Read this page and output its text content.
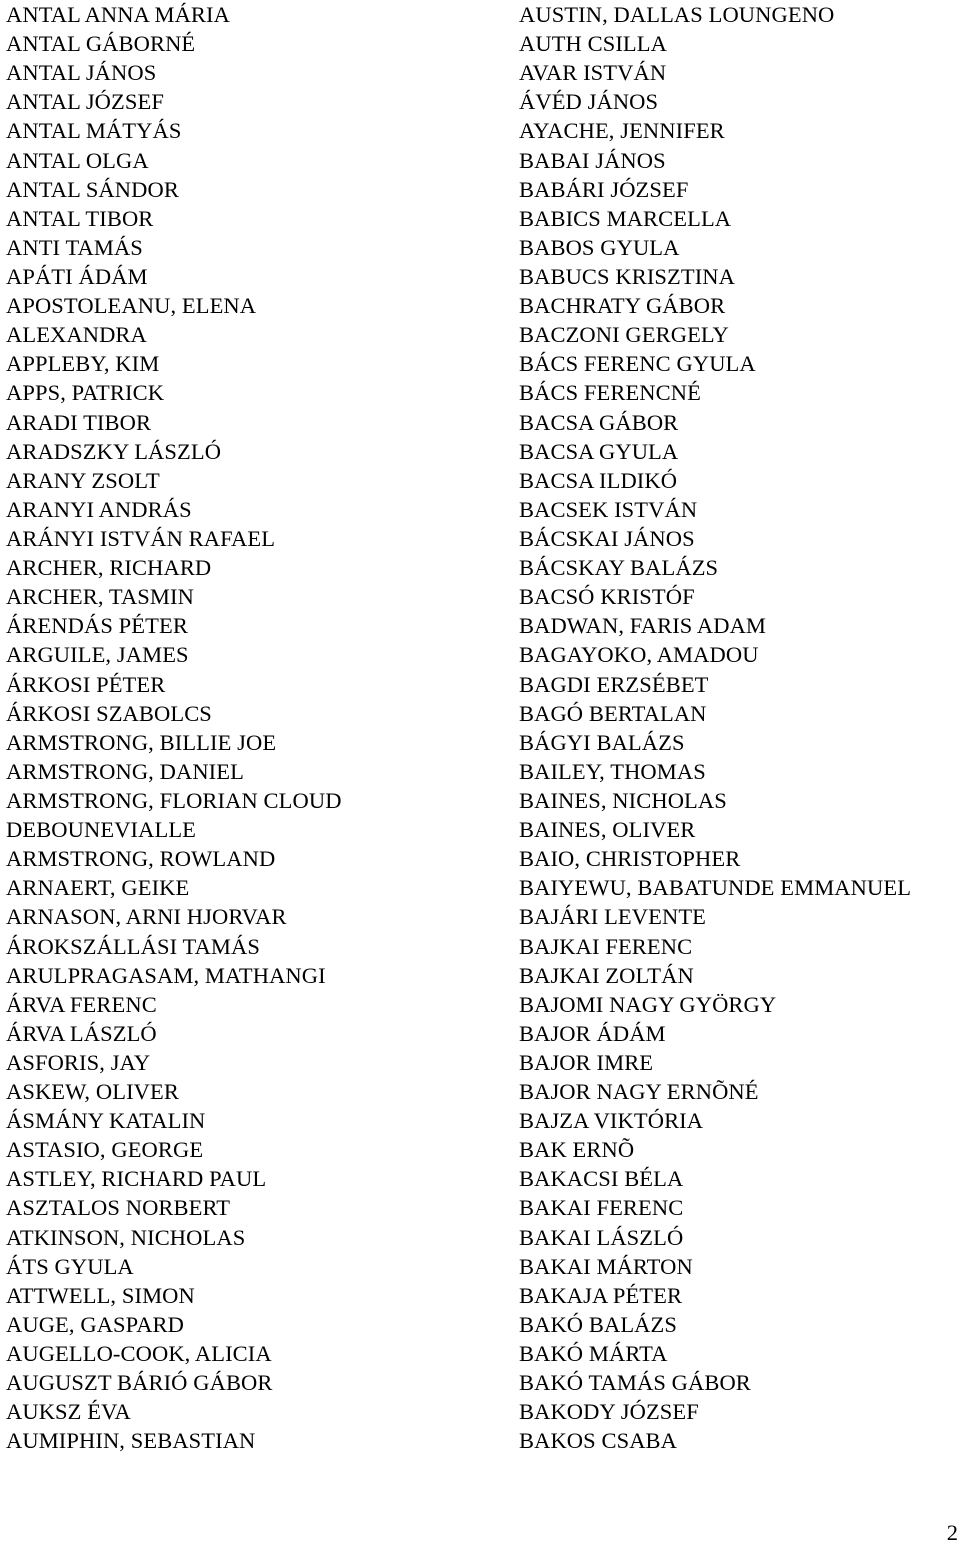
ANTAL ANNA MÁRIA
ANTAL GÁBORNÉ
ANTAL JÁNOS
ANTAL JÓZSEF
ANTAL MÁTYÁS
ANTAL OLGA
ANTAL SÁNDOR
ANTAL TIBOR
ANTI TAMÁS
APÁTI ÁDÁM
APOSTOLEANU, ELENA
ALEXANDRA
APPLEBY, KIM
APPS, PATRICK
ARADI TIBOR
ARADSZKY LÁSZLÓ
ARANY ZSOLT
ARANYI ANDRÁS
ARÁNYI ISTVÁN RAFAEL
ARCHER, RICHARD
ARCHER, TASMIN
ÁRENDÁS PÉTER
ARGUILE, JAMES
ÁRKOSI PÉTER
ÁRKOSI SZABOLCS
ARMSTRONG, BILLIE JOE
ARMSTRONG, DANIEL
ARMSTRONG, FLORIAN CLOUD
DEBOUNEVIALLE
ARMSTRONG, ROWLAND
ARNAERT, GEIKE
ARNASON, ARNI HJORVAR
ÁROKSZÁLLÁSI TAMÁS
ARULPRAGASAM, MATHANGI
ÁRVA FERENC
ÁRVA LÁSZLÓ
ASFORIS, JAY
ASKEW, OLIVER
ÁSMÁNY KATALIN
ASTASIO, GEORGE
ASTLEY, RICHARD PAUL
ASZTALOS NORBERT
ATKINSON, NICHOLAS
ÁTS GYULA
ATTWELL, SIMON
AUGE, GASPARD
AUGELLO-COOK, ALICIA
AUGUSZT BÁRIÓ GÁBOR
AUKSZ ÉVA
AUMIPHIN, SEBASTIAN
AUSTIN, DALLAS LOUNGENO
AUTH CSILLA
AVAR ISTVÁN
ÁVÉD JÁNOS
AYACHE, JENNIFER
BABAI JÁNOS
BABÁRI JÓZSEF
BABICS MARCELLA
BABOS GYULA
BABUCS KRISZTINA
BACHRATY GÁBOR
BACZONI GERGELY
BÁCS FERENC GYULA
BÁCS FERENCNÉ
BACSA GÁBOR
BACSA GYULA
BACSA ILDIKÓ
BACSEK ISTVÁN
BÁCSKAI JÁNOS
BÁCSKAY BALÁZS
BACSÓ KRISTÓF
BADWAN, FARIS ADAM
BAGAYOKO, AMADOU
BAGDI ERZSÉBET
BAGÓ BERTALAN
BÁGYI BALÁZS
BAILEY, THOMAS
BAINES, NICHOLAS
BAINES, OLIVER
BAIO, CHRISTOPHER
BAIYEWU, BABATUNDE EMMANUEL
BAJÁRI LEVENTE
BAJKAI FERENC
BAJKAI ZOLTÁN
BAJOMI NAGY GYÖRGY
BAJOR ÁDÁM
BAJOR IMRE
BAJOR NAGY ERNÕNÉ
BAJZA VIKTÓRIA
BAK ERNÕ
BAKACSI BÉLA
BAKAI FERENC
BAKAI LÁSZLÓ
BAKAI MÁRTON
BAKAJA PÉTER
BAKÓ BALÁZS
BAKÓ MÁRTA
BAKÓ TAMÁS GÁBOR
BAKODY JÓZSEF
BAKOS CSABA
2
